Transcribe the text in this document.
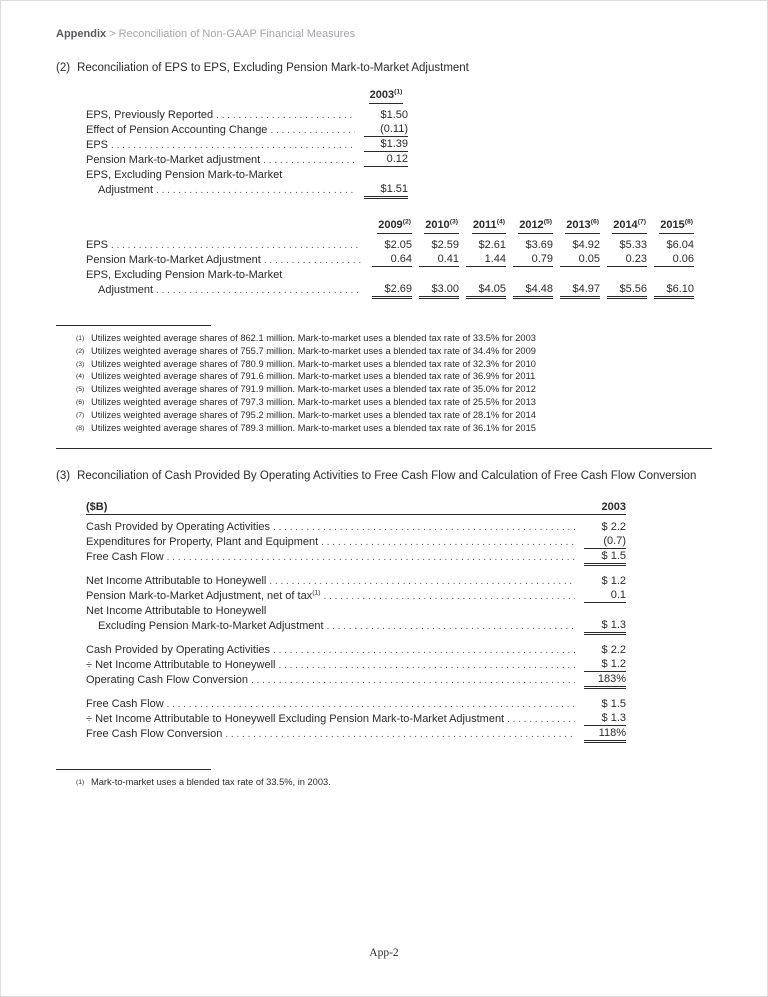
Appendix > Reconciliation of Non-GAAP Financial Measures
(2) Reconciliation of EPS to EPS, Excluding Pension Mark-to-Market Adjustment
2003$^{(1)}$
EPS, Previously Reported . . .	$1.50
Effect of Pension Accounting Change . . .	(0.11)
EPS . . .	$1.39
Pension Mark-to-Market adjustment . . .	0.12
EPS, Excluding Pension Mark-to-Market
Adjustment . . .	$1.51
2009$^{(2)}$	2010$^{(3)}$	2011$^{(4)}$	2012$^{(5)}$	2013$^{(6)}$	2014$^{(7)}$	2015$^{(8)}$
EPS . . .	$2.05	$2.59	$2.61	$3.69	$4.92	$5.33	$6.04
Pension Mark-to-Market Adjustment . . .	0.64	0.41	1.44	0.79	0.05	0.23	0.06
EPS, Excluding Pension Mark-to-Market
Adjustment . . .	$2.69	$3.00	$4.05	$4.48	$4.97	$5.56	$6.10
(1) Utilizes weighted average shares of 862.1 million. Mark-to-market uses a blended tax rate of 33.5% for 2003
(2) Utilizes weighted average shares of 755.7 million. Mark-to-market uses a blended tax rate of 34.4% for 2009
(3) Utilizes weighted average shares of 780.9 million. Mark-to-market uses a blended tax rate of 32.3% for 2010
(4) Utilizes weighted average shares of 791.6 million. Mark-to-market uses a blended tax rate of 36.9% for 2011
(5) Utilizes weighted average shares of 791.9 million. Mark-to-market uses a blended tax rate of 35.0% for 2012
(6) Utilizes weighted average shares of 797.3 million. Mark-to-market uses a blended tax rate of 25.5% for 2013
(7) Utilizes weighted average shares of 795.2 million. Mark-to-market uses a blended tax rate of 28.1% for 2014
(8) Utilizes weighted average shares of 789.3 million. Mark-to-market uses a blended tax rate of 36.1% for 2015
(3) Reconciliation of Cash Provided By Operating Activities to Free Cash Flow and Calculation of Free Cash Flow Conversion
($B)	2003
Cash Provided by Operating Activities . . .	$ 2.2
Expenditures for Property, Plant and Equipment . . .	(0.7)
Free Cash Flow . . .	$ 1.5
Net Income Attributable to Honeywell . . .	$ 1.2
Pension Mark-to-Market Adjustment, net of tax$^{(1)}$ . . .	0.1
Net Income Attributable to Honeywell
Excluding Pension Mark-to-Market Adjustment . . .	$ 1.3
Cash Provided by Operating Activities . . .	$ 2.2
÷ Net Income Attributable to Honeywell . . .	$ 1.2
Operating Cash Flow Conversion . . .	183%
Free Cash Flow . . .	$ 1.5
÷ Net Income Attributable to Honeywell Excluding Pension Mark-to-Market Adjustment . . .	$ 1.3
Free Cash Flow Conversion . . .	118%
(1) Mark-to-market uses a blended tax rate of 33.5%, in 2003.
App-2
